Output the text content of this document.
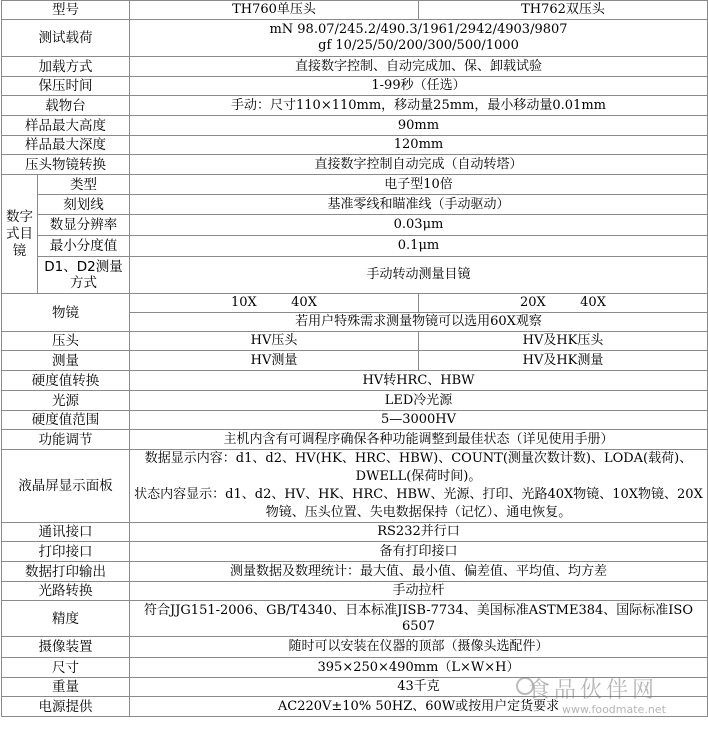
型号		TH760单压头	TH762双压头
测试载荷		mN 98.07/245.2/490.3/1961/2942/4903/9807
gf 10/25/50/200/300/500/1000	

加载方式		直接数字控制、自动完成加、保、卸载试验	
保压时间		1-99秒（任选）	
载物台		手动：尺寸110×110mm，移动量25mm，最小移动量0.01mm	
样品最大高度		90mm	
样品最大深度		120mm	
压头物镜转换		直接数字控制自动完成（自动转塔）	
数字式目镜	类型	电子型10倍	
	刻划线	基准零线和瞄准线（手动驱动）	
	数显分辨率	0.03μm	
	最小分度值	0.1μm	
	D1、D2测量方式	手动转动测量目镜	
物镜		10X 40X	20X 40X
		若用户特殊需求测量物镜可以选用60X观察	
压头		HV压头	HV及HK压头
测量		HV测量	HV及HK测量
硬度值转换		HV转HRC、HBW	
光源		LED冷光源	
硬度值范围		5—3000HV	
功能调节		主机内含有可调程序确保各种功能调整到最佳状态（详见使用手册）	
液晶屏显示面板		数据显示内容：d1、d2、HV(HK、HRC、HBW)、COUNT(测量次数计数)、LODA(载荷)、DWELL(保荷时间)。
状态内容显示：d1、d2、HV、HK、HRC、HBW、光源、打印、光路40X物镜、10X物镜、20X物镜、压头位置、失电数据保持（记忆）、通电恢复。	

通讯接口		RS232并行口	
打印接口		备有打印接口	
数据打印输出		测量数据及数理统计：最大值、最小值、偏差值、平均值、均方差	
光路转换		手动拉杆	
精度		符合JJG151-2006、GB/T4340、日本标准JISB-7734、美国标准ASTME384、国际标准ISO 6507	
摄像装置		随时可以安装在仪器的顶部（摄像头选配件）	
尺寸		395×250×490mm（L×W×H）	
重量		43千克	
电源提供		AC220V±10% 50HZ、60W或按用户定货要求	
食品伙伴网
www.foodmate.net
